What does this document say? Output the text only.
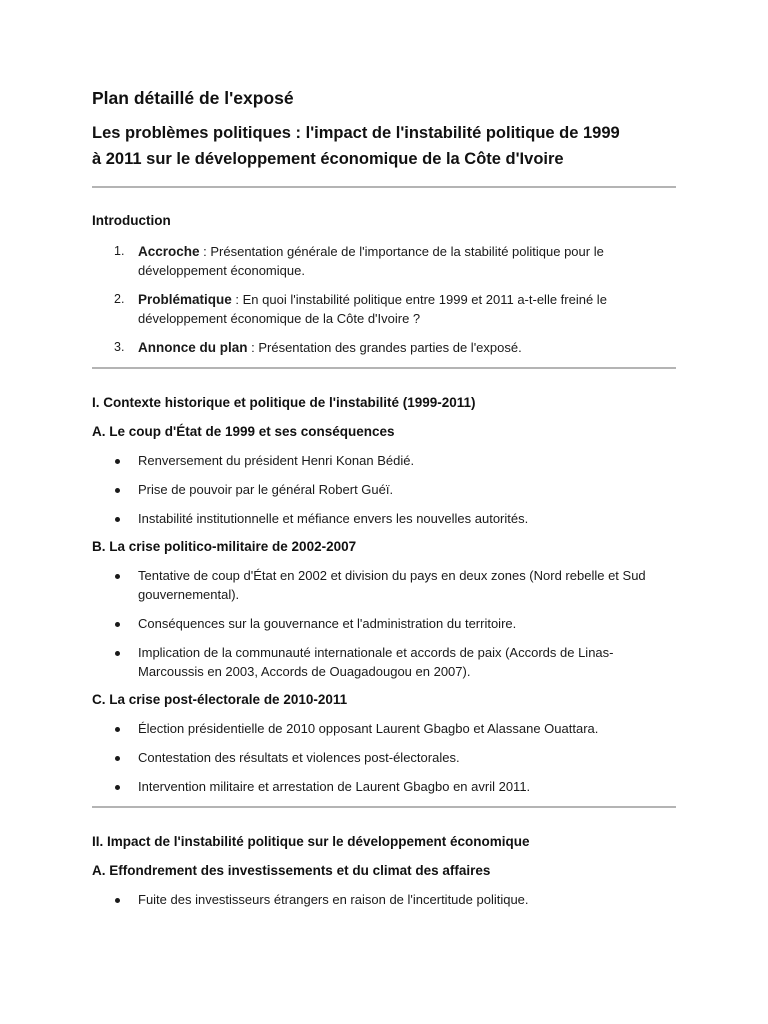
Plan détaillé de l'exposé
Les problèmes politiques : l'impact de l'instabilité politique de 1999
à 2011 sur le développement économique de la Côte d'Ivoire
Introduction
1. Accroche : Présentation générale de l'importance de la stabilité politique pour le développement économique.
2. Problématique : En quoi l'instabilité politique entre 1999 et 2011 a-t-elle freiné le développement économique de la Côte d'Ivoire ?
3. Annonce du plan : Présentation des grandes parties de l'exposé.
I. Contexte historique et politique de l'instabilité (1999-2011)
A. Le coup d'État de 1999 et ses conséquences
Renversement du président Henri Konan Bédié.
Prise de pouvoir par le général Robert Guéï.
Instabilité institutionnelle et méfiance envers les nouvelles autorités.
B. La crise politico-militaire de 2002-2007
Tentative de coup d'État en 2002 et division du pays en deux zones (Nord rebelle et Sud gouvernemental).
Conséquences sur la gouvernance et l'administration du territoire.
Implication de la communauté internationale et accords de paix (Accords de Linas-Marcoussis en 2003, Accords de Ouagadougou en 2007).
C. La crise post-électorale de 2010-2011
Élection présidentielle de 2010 opposant Laurent Gbagbo et Alassane Ouattara.
Contestation des résultats et violences post-électorales.
Intervention militaire et arrestation de Laurent Gbagbo en avril 2011.
II. Impact de l'instabilité politique sur le développement économique
A. Effondrement des investissements et du climat des affaires
Fuite des investisseurs étrangers en raison de l'incertitude politique.
